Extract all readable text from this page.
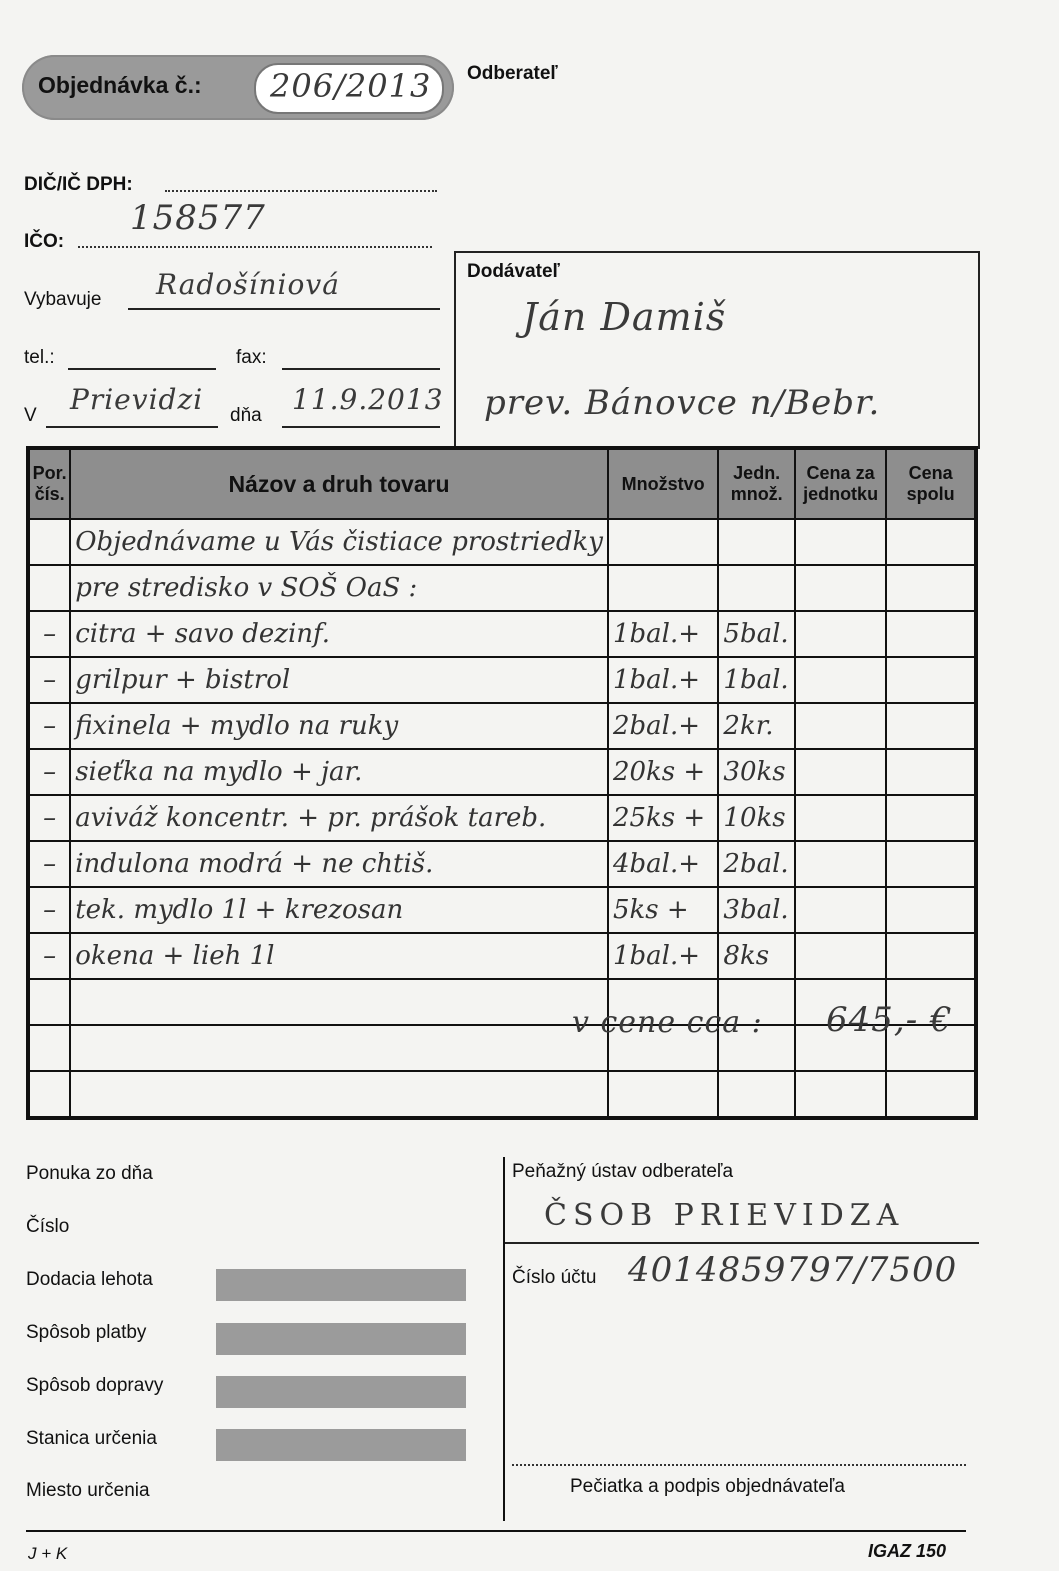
Objednávka č.: 206/2013 Odberateľ
DIČ/IČ DPH:
IČO:
158577
Vybavuje Radošíniová
tel.:	fax:
V Prievidzi dňa 11.9.2013
Dodávateľ
Ján Damiš
prev. Bánovce n/Bebr.
Por. čís.	Názov a druh tovaru	Množstvo	Jedn. množ.	Cena za jednotku	Cena spolu
	Objednávame u Vás čistiace prostriedky				
	pre stredisko v SOŠ OaS :				
–	citra + savo dezinf.	1bal.+	5bal.		
–	grilpur + bistrol	1bal.+	1bal.		
–	fixinela + mydlo na ruky	2bal.+	2kr.		
–	sieťka na mydlo + jar.	20ks +	30ks		
–	aviváž koncentr. + pr. prášok tareb.	25ks +	10ks		
–	indulona modrá + ne chtiš.	4bal.+	2bal.		
–	tek. mydlo 1l + krezosan	5ks +	3bal.		
–	okena + lieh 1l	1bal.+	8ks		

v cene cca : 645,- €
Ponuka zo dňa
Číslo
Dodacia lehota
Spôsob platby
Spôsob dopravy
Stanica určenia
Miesto určenia
Peňažný ústav odberateľa
ČSOB PRIEVIDZA
Číslo účtu 4014859797/7500
Pečiatka a podpis objednávateľa
J + K	IGAZ 150
